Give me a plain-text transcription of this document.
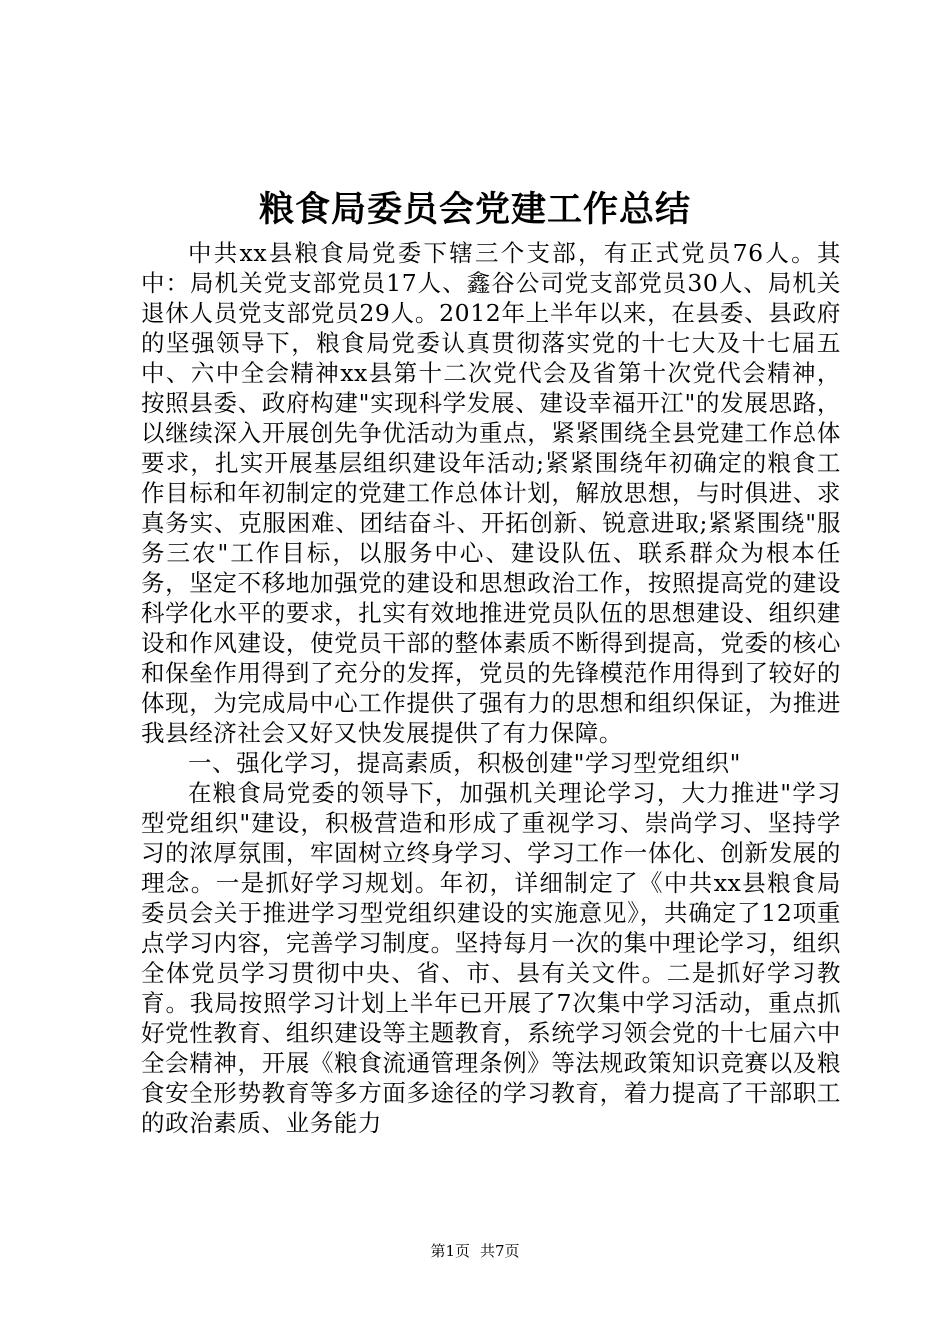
粮食局委员会党建工作总结

中共xx县粮食局党委下辖三个支部，有正式党员76人。其中：局机关党支部党员17人、鑫谷公司党支部党员30人、局机关退休人员党支部党员29人。2012年上半年以来，在县委、县政府的坚强领导下，粮食局党委认真贯彻落实党的十七大及十七届五中、六中全会精神xx县第十二次党代会及省第十次党代会精神，按照县委、政府构建"实现科学发展、建设幸福开江"的发展思路，以继续深入开展创先争优活动为重点，紧紧围绕全县党建工作总体要求，扎实开展基层组织建设年活动;紧紧围绕年初确定的粮食工作目标和年初制定的党建工作总体计划，解放思想，与时俱进、求真务实、克服困难、团结奋斗、开拓创新、锐意进取;紧紧围绕"服务三农"工作目标，以服务中心、建设队伍、联系群众为根本任务，坚定不移地加强党的建设和思想政治工作，按照提高党的建设科学化水平的要求，扎实有效地推进党员队伍的思想建设、组织建设和作风建设，使党员干部的整体素质不断得到提高，党委的核心和保垒作用得到了充分的发挥，党员的先锋模范作用得到了较好的体现，为完成局中心工作提供了强有力的思想和组织保证，为推进我县经济社会又好又快发展提供了有力保障。

一、强化学习，提高素质，积极创建"学习型党组织"

在粮食局党委的领导下，加强机关理论学习，大力推进"学习型党组织"建设，积极营造和形成了重视学习、崇尚学习、坚持学习的浓厚氛围，牢固树立终身学习、学习工作一体化、创新发展的理念。一是抓好学习规划。年初，详细制定了《中共xx县粮食局委员会关于推进学习型党组织建设的实施意见》，共确定了12项重点学习内容，完善学习制度。坚持每月一次的集中理论学习，组织全体党员学习贯彻中央、省、市、县有关文件。二是抓好学习教育。我局按照学习计划上半年已开展了7次集中学习活动，重点抓好党性教育、组织建设等主题教育，系统学习领会党的十七届六中全会精神，开展《粮食流通管理条例》等法规政策知识竞赛以及粮食安全形势教育等多方面多途径的学习教育，着力提高了干部职工的政治素质、业务能力

第1页 共7页
